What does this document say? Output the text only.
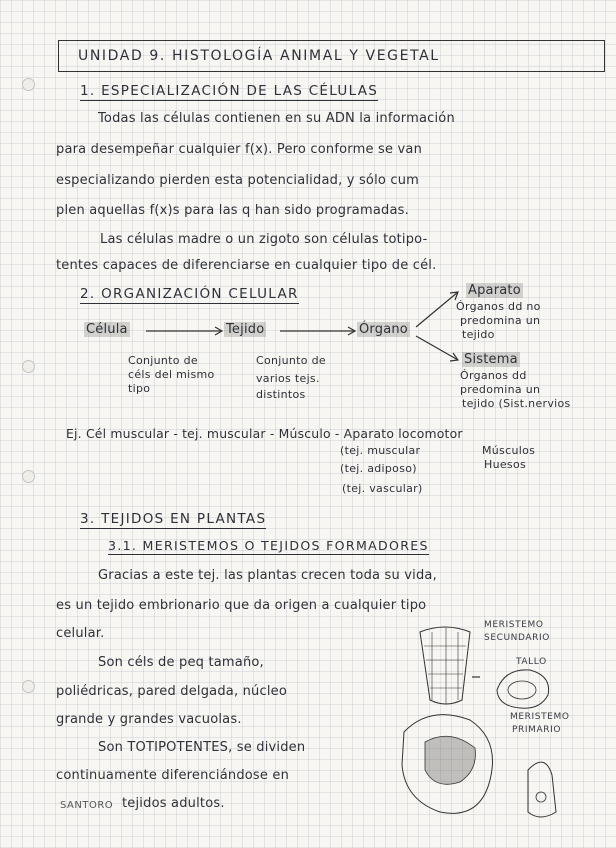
UNIDAD 9. HISTOLOGÍA ANIMAL Y VEGETAL
1. ESPECIALIZACIÓN DE LAS CÉLULAS
Todas las células contienen en su ADN la información
para desempeñar cualquier f(x). Pero conforme se van
especializando pierden esta potencialidad, y sólo cum
plen aquellas f(x)s para las q han sido programadas.
Las células madre o un zigoto son células totipo-
tentes capaces de diferenciarse en cualquier tipo de cél.
2. ORGANIZACIÓN CELULAR
Célula	Tejido	Órgano
Aparato
Órganos dd no
predomina un
tejido
Sistema
Órganos dd
predomina un
tejido (Sist.nervios
Conjunto de
céls del mismo
tipo
Conjunto de
varios tejs.
distintos
Ej. Cél muscular - tej. muscular - Músculo - Aparato locomotor
(tej. muscular
(tej. adiposo)
(tej. vascular)
Músculos
Huesos
3. TEJIDOS EN PLANTAS
3.1. MERISTEMOS O TEJIDOS FORMADORES
Gracias a este tej. las plantas crecen toda su vida,
es un tejido embrionario que da origen a cualquier tipo
celular.
Son céls de peq tamaño,
poliédricas, pared delgada, núcleo
grande y grandes vacuolas.
Son TOTIPOTENTES, se dividen
continuamente diferenciándose en
tejidos adultos.
MERISTEMO
SECUNDARIO
TALLO
MERISTEMO
PRIMARIO
SANTORO
